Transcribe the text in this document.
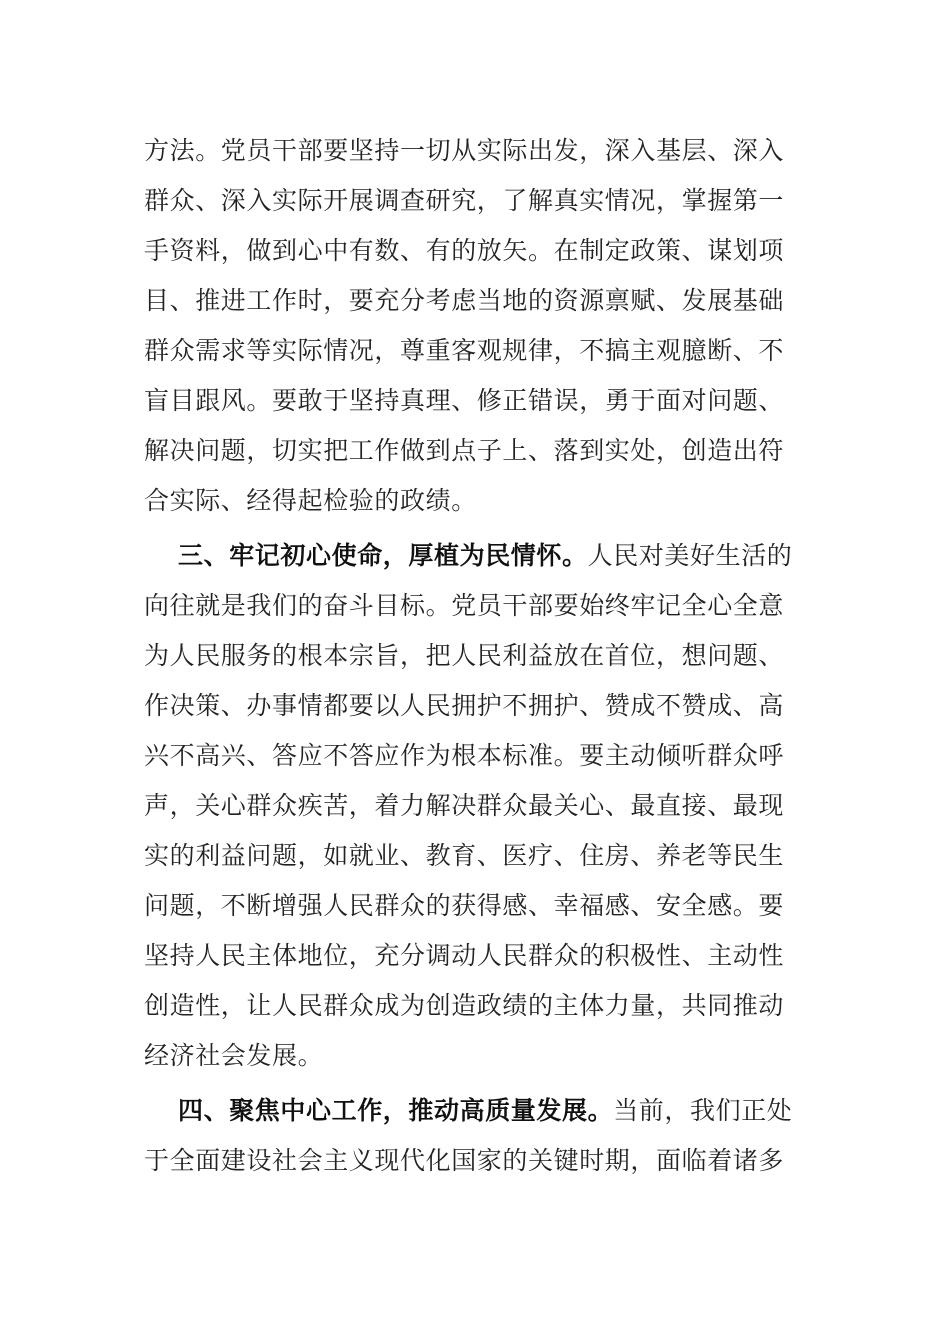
方法。党员干部要坚持一切从实际出发，深入基层、深入
群众、深入实际开展调查研究，了解真实情况，掌握第一
手资料，做到心中有数、有的放矢。在制定政策、谋划项
目、推进工作时，要充分考虑当地的资源禀赋、发展基础
群众需求等实际情况，尊重客观规律，不搞主观臆断、不
盲目跟风。要敢于坚持真理、修正错误，勇于面对问题、
解决问题，切实把工作做到点子上、落到实处，创造出符
合实际、经得起检验的政绩。
三、牢记初心使命，厚植为民情怀。人民对美好生活的
向往就是我们的奋斗目标。党员干部要始终牢记全心全意
为人民服务的根本宗旨，把人民利益放在首位，想问题、
作决策、办事情都要以人民拥护不拥护、赞成不赞成、高
兴不高兴、答应不答应作为根本标准。要主动倾听群众呼
声，关心群众疾苦，着力解决群众最关心、最直接、最现
实的利益问题，如就业、教育、医疗、住房、养老等民生
问题，不断增强人民群众的获得感、幸福感、安全感。要
坚持人民主体地位，充分调动人民群众的积极性、主动性
创造性，让人民群众成为创造政绩的主体力量，共同推动
经济社会发展。
四、聚焦中心工作，推动高质量发展。当前，我们正处
于全面建设社会主义现代化国家的关键时期，面临着诸多
